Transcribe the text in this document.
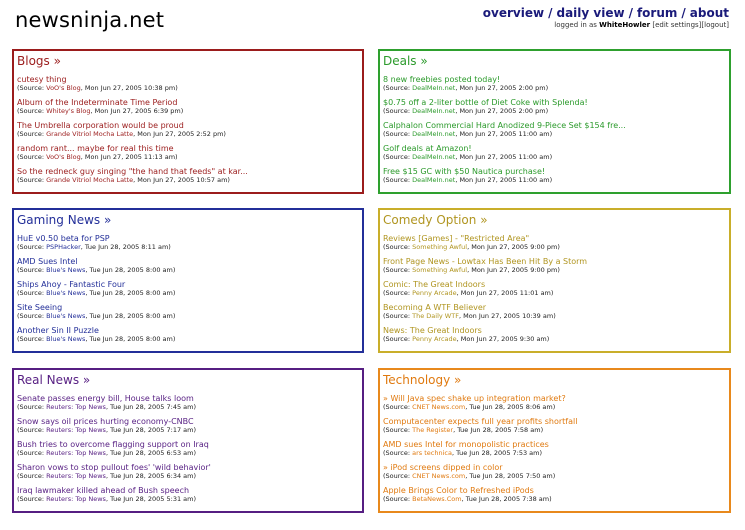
newsninja.net	overview / daily view / forum / about
logged in as WhiteHowler [edit settings][logout]
Blogs »
cutesy thing
(Source: VoO's Blog, Mon Jun 27, 2005 10:38 pm)
Album of the Indeterminate Time Period
(Source: Whitey's Blog, Mon Jun 27, 2005 6:39 pm)
The Umbrella corporation would be proud
(Source: Grande Vitriol Mocha Latte, Mon Jun 27, 2005 2:52 pm)
random rant... maybe for real this time
(Source: VoO's Blog, Mon Jun 27, 2005 11:13 am)
So the redneck guy singing "the hand that feeds" at kar...
(Source: Grande Vitriol Mocha Latte, Mon Jun 27, 2005 10:57 am)
Deals »
8 new freebies posted today!
(Source: DealMeIn.net, Mon Jun 27, 2005 2:00 pm)
$0.75 off a 2-liter bottle of Diet Coke with Splenda!
(Source: DealMeIn.net, Mon Jun 27, 2005 2:00 pm)
Calphalon Commercial Hard Anodized 9-Piece Set $154 fre...
(Source: DealMeIn.net, Mon Jun 27, 2005 11:00 am)
Golf deals at Amazon!
(Source: DealMeIn.net, Mon Jun 27, 2005 11:00 am)
Free $15 GC with $50 Nautica purchase!
(Source: DealMeIn.net, Mon Jun 27, 2005 11:00 am)
Gaming News »
HuE v0.50 beta for PSP
(Source: PSPHacker, Tue Jun 28, 2005 8:11 am)
AMD Sues Intel
(Source: Blue's News, Tue Jun 28, 2005 8:00 am)
Ships Ahoy - Fantastic Four
(Source: Blue's News, Tue Jun 28, 2005 8:00 am)
Site Seeing
(Source: Blue's News, Tue Jun 28, 2005 8:00 am)
Another Sin II Puzzle
(Source: Blue's News, Tue Jun 28, 2005 8:00 am)
Comedy Option »
Reviews [Games] - "Restricted Area"
(Source: Something Awful, Mon Jun 27, 2005 9:00 pm)
Front Page News - Lowtax Has Been Hit By a Storm
(Source: Something Awful, Mon Jun 27, 2005 9:00 pm)
Comic: The Great Indoors
(Source: Penny Arcade, Mon Jun 27, 2005 11:01 am)
Becoming A WTF Believer
(Source: The Daily WTF, Mon Jun 27, 2005 10:39 am)
News: The Great Indoors
(Source: Penny Arcade, Mon Jun 27, 2005 9:30 am)
Real News »
Senate passes energy bill, House talks loom
(Source: Reuters: Top News, Tue Jun 28, 2005 7:45 am)
Snow says oil prices hurting economy-CNBC
(Source: Reuters: Top News, Tue Jun 28, 2005 7:17 am)
Bush tries to overcome flagging support on Iraq
(Source: Reuters: Top News, Tue Jun 28, 2005 6:53 am)
Sharon vows to stop pullout foes' 'wild behavior'
(Source: Reuters: Top News, Tue Jun 28, 2005 6:34 am)
Iraq lawmaker killed ahead of Bush speech
(Source: Reuters: Top News, Tue Jun 28, 2005 5:31 am)
Technology »
» Will Java spec shake up integration market?
(Source: CNET News.com, Tue Jun 28, 2005 8:06 am)
Computacenter expects full year profits shortfall
(Source: The Register, Tue Jun 28, 2005 7:58 am)
AMD sues Intel for monopolistic practices
(Source: ars technica, Tue Jun 28, 2005 7:53 am)
» iPod screens dipped in color
(Source: CNET News.com, Tue Jun 28, 2005 7:50 am)
Apple Brings Color to Refreshed iPods
(Source: BetaNews.Com, Tue Jun 28, 2005 7:38 am)
